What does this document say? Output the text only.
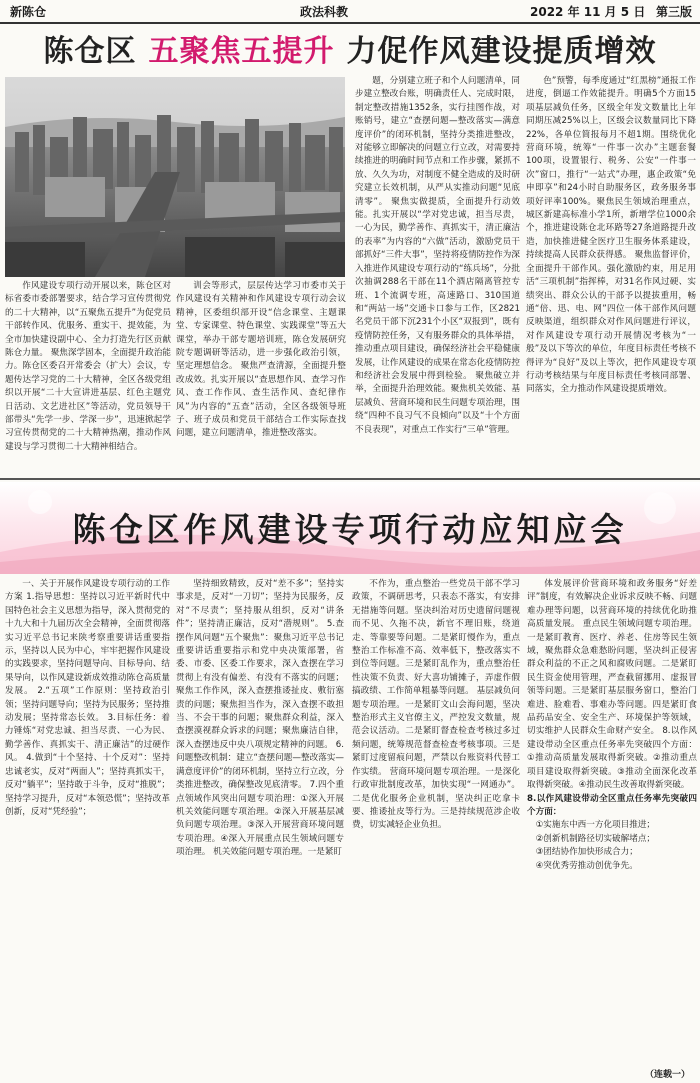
新陈仓	政法科教	2022 年 11 月 5 日 第三版
陈仓区 五聚焦五提升 力促作风建设提质增效

作风建设专项行动开展以来，陈仓区对标省委市委部署要求，结合学习宣传贯彻党的二十大精神，以“五聚焦五提升”为促党员干部转作风、优服务、重实干、提效能，为全市加快建设副中心、全力打造先行区贡献陈仓力量。 聚焦深学固本，全面提升政治能力。陈仓区委召开常委会（扩大）会议，专题传达学习党的二十大精神，全区各级党组织以开展“二十大宣讲进基层、红色主题党日活动、文艺进社区”等活动，党员领导干部带头“先学一步、学深一步”，迅速掀起学习宣传贯彻党的二十大精神热潮，推动作风建设与学习贯彻二十大精神相结合。

训会等形式，层层传达学习市委市关于作风建设有关精神和作风建设专项行动会议精神，区委组织部开设“信念课堂、主题课堂、专家课堂、特色课堂、实践课堂”等五大课堂，举办干部专题培训班，陈仓发展研究院专题调研等活动，进一步强化政治引领，坚定理想信念。 聚焦严查清源，全面提升整改成效。扎实开展以“查思想作风、查学习作风、查工作作风、查生活作风、查纪律作风”为内容的“五查”活动，全区各级领导班子、班子成员和党员干部结合工作实际查找问题，建立问题清单，推进整改落实。

题，分别建立班子和个人问题清单，同步建立整改台账，明确责任人、完成时限，制定整改措施1352条，实行挂图作战，对账销号，建立“查摆问题—整改落实—满意度评价”的闭环机制，坚持分类推进整改，对能够立即解决的问题立行立改，对需要持续推进的明确时间节点和工作步骤，紧抓不放、久久为功，对制度不健全造成的及时研究建立长效机制，从严从实推动问题“见底清零”。 聚焦实做提质，全面提升行动效能。扎实开展以“学对党忠诚，担当尽责，一心为民，勤学善作、真抓实干，清正廉洁的表率”为内容的“六做”活动，激励党员干部抓好“三件大事”，坚持将疫情防控作为深入推进作风建设专项行动的“练兵场”，分批次抽调288名干部在11个酒店隔离管控专班、1个流调专班，高速路口、310国道和“两站一场”交通卡口参与工作，区2821名党员干部下沉231个小区“双报到”，既有疫情防控任务，又有服务群众的具体举措，推动重点项目建设，确保经济社会平稳健康发展，让作风建设的成果在常态化疫情防控和经济社会发展中得到检验。 聚焦破立并举，全面提升治理效能。聚焦机关效能、基层减负、营商环境和民生问题专项治理，围绕“四种不良习气不良倾向”以及“十个方面不良表现”，对重点工作实行“三单”管理。

色”预警，每季度通过“红黑榜”通报工作进度，倒逼工作效能提升。明确5个方面15项基层减负任务，区级全年发文数量比上年同期压减25%以上，区级会议数量同比下降22%，各单位简报每月不超1期。围绕优化营商环境，统筹“一件事一次办”主题套餐100项，设置银行、税务、公安“一件事一次”窗口，推行“一站式”办理，惠企政策“免申即享”和24小时自助服务区，政务服务事项好评率100%。聚焦民生领域治理重点，城区新建高标准小学1所，新增学位1000余个，推进建设陈仓北环路等27条道路提升改造，加快推进健全医疗卫生服务体系建设，持续提高人民群众获得感。 聚焦监督评价，全面提升干部作风。强化激励约束，用足用活“三项机制”指挥棒，对31名作风过硬、实绩突出、群众公认的干部予以提拔重用，畅通“倍、迅、电、网”四位一体干部作风问题反映渠道，组织群众对作风问题进行评议，对作风建设专项行动开展情况考核为“一般”及以下等次的单位，年度目标责任考核不得评为“良好”及以上等次，把作风建设专项行动考核结果与年度目标责任考核同部署、同落实，全力推动作风建设提质增效。

陈仓区作风建设专项行动应知应会

一、关于开展作风建设专项行动的工作方案 1.指导思想：坚持以习近平新时代中国特色社会主义思想为指导，深入贯彻党的十九大和十九届历次全会精神，全面贯彻落实习近平总书记来陕考察重要讲话重要指示，坚持以人民为中心，牢牢把握作风建设的实践要求，坚持问题导向、目标导向、结果导向，以作风建设新成效推动陈仓高质量发展。 2.“五项”工作原则：坚持政治引领；坚持问题导向；坚持为民服务；坚持推动发展；坚持常态长效。 3.目标任务：着力锤炼“对党忠诚、担当尽责、一心为民、勤学善作、真抓实干、清正廉洁”的过硬作风。 4.做到“十个坚持、十个反对”：坚持忠诚老实，反对“两面人”；坚持真抓实干，反对“躺平”；坚持敢于斗争，反对“推脱”；坚持学习提升，反对“本领恐慌”；坚持改革创新，反对“凭经验”；

坚持细致精致，反对“差不多”；坚持实事求是，反对“一刀切”；坚持为民服务，反对“不尽责”；坚持服从组织，反对“讲条件”；坚持清正廉洁，反对“潜规则”。 5.查摆作风问题“五个聚焦”：聚焦习近平总书记重要讲话重要指示和党中央决策部署，省委、市委、区委工作要求，深入查摆在学习贯彻上有没有偏差、有没有不落实的问题；聚焦工作作风，深入查摆推诿扯皮、敷衍塞责的问题；聚焦担当作为，深入查摆不敢担当、不会干事的问题；聚焦群众利益，深入查摆漠视群众诉求的问题；聚焦廉洁自律，深入查摆违反中央八项规定精神的问题。 6.问题整改机制：建立“查摆问题—整改落实—满意度评价”的闭环机制，坚持立行立改，分类推进整改，确保整改见底清零。 7.四个重点领域作风突出问题专项治理：①深入开展机关效能问题专项治理。②深入开展基层减负问题专项治理。③深入开展营商环境问题专项治理。④深入开展重点民生领域问题专项治理。 机关效能问题专项治理。一是紧盯

不作为，重点整治一些党员干部不学习政策，不调研思考，只表态不落实，有安排无措施等问题。坚决纠治对历史遗留问题视而不见、久拖不决，新官不理旧账，绕道走、等靠要等问题。二是紧盯慢作为，重点整治工作标准不高、效率低下，整改落实不到位等问题。三是紧盯乱作为，重点整治任性决策不负责、好大喜功铺摊子，弄虚作假搞政绩、工作简单粗暴等问题。 基层减负问题专项治理。一是紧盯文山会海问题，坚决整治形式主义官僚主义，严控发文数量，规范会议活动。二是紧盯督查检查考核过多过频问题，统筹规范督查检查考核事项。三是紧盯过度留痕问题，严禁以台账资料代替工作实绩。 营商环境问题专项治理。一是深化行政审批制度改革，加快实现“一网通办”。二是优化服务企业机制，坚决纠正吃拿卡要、推诿扯皮等行为。三是持续规范涉企收费，切实减轻企业负担。

体发展评价营商环境和政务服务“好差评”制度，有效解决企业诉求反映不畅、问题难办理等问题，以营商环境的持续优化助推高质量发展。 重点民生领域问题专项治理。一是紧盯教育、医疗、养老、住房等民生领域，聚焦群众急难愁盼问题，坚决纠正侵害群众利益的不正之风和腐败问题。二是紧盯民生资金使用管理，严查截留挪用、虚报冒领等问题。三是紧盯基层服务窗口，整治门难进、脸难看、事难办等问题。四是紧盯食品药品安全、安全生产、环境保护等领域，切实维护人民群众生命财产安全。 8.以作风建设带动全区重点任务率先突破四个方面： ①推动高质量发展取得新突破。②推动重点项目建设取得新突破。③推动全面深化改革取得新突破。④推动民生改善取得新突破。

8.以作风建设带动全区重点任务率先突破四个方面：

①实施东中西一方化项目推进；

②创新机制路径切实破解堵点；

③团结协作加快形成合力；

④突优秀劳推动创优争先。

（连载一）
